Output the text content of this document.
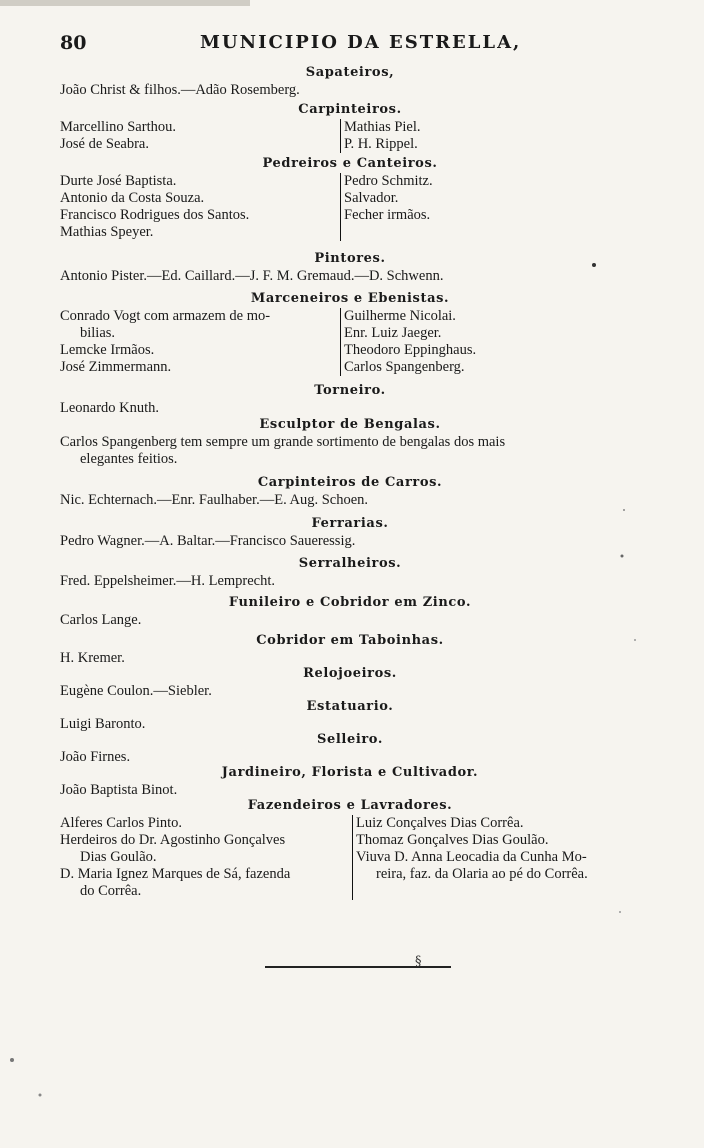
80	MUNICIPIO DA ESTRELLA,
Sapateiros,
João Christ & filhos.—Adão Rosemberg.
Carpinteiros.
Marcellino Sarthou.
José de Seabra.
Mathias Piel.
P. H. Rippel.
Pedreiros e Canteiros.
Durte José Baptista.
Antonio da Costa Souza.
Francisco Rodrigues dos Santos.
Mathias Speyer.
Pedro Schmitz.
Salvador.
Fecher irmãos.
Pintores.
Antonio Pister.—Ed. Caillard.—J. F. M. Gremaud.—D. Schwenn.
Marceneiros e Ebenistas.
Conrado Vogt com armazem de mo-
bilias.
Lemcke Irmãos.
José Zimmermann.
Guilherme Nicolai.
Enr. Luiz Jaeger.
Theodoro Eppinghaus.
Carlos Spangenberg.
Torneiro.
Leonardo Knuth.
Esculptor de Bengalas.
Carlos Spangenberg tem sempre um grande sortimento de bengalas dos mais
elegantes feitios.
Carpinteiros de Carros.
Nic. Echternach.—Enr. Faulhaber.—E. Aug. Schoen.
Ferrarias.
Pedro Wagner.—A. Baltar.—Francisco Saueressig.
Serralheiros.
Fred. Eppelsheimer.—H. Lemprecht.
Funileiro e Cobridor em Zinco.
Carlos Lange.
Cobridor em Taboinhas.
H. Kremer.
Relojoeiros.
Eugène Coulon.—Siebler.
Estatuario.
Luigi Baronto.
Selleiro.
João Firnes.
Jardineiro, Florista e Cultivador.
João Baptista Binot.
Fazendeiros e Lavradores.
Alferes Carlos Pinto.
Herdeiros do Dr. Agostinho Gonçalves
Dias Goulão.
D. Maria Ignez Marques de Sá, fazenda
do Corrêa.
Luiz Conçalves Dias Corrêa.
Thomaz Gonçalves Dias Goulão.
Viuva D. Anna Leocadia da Cunha Mo-
reira, faz. da Olaria ao pé do Corrêa.
§
